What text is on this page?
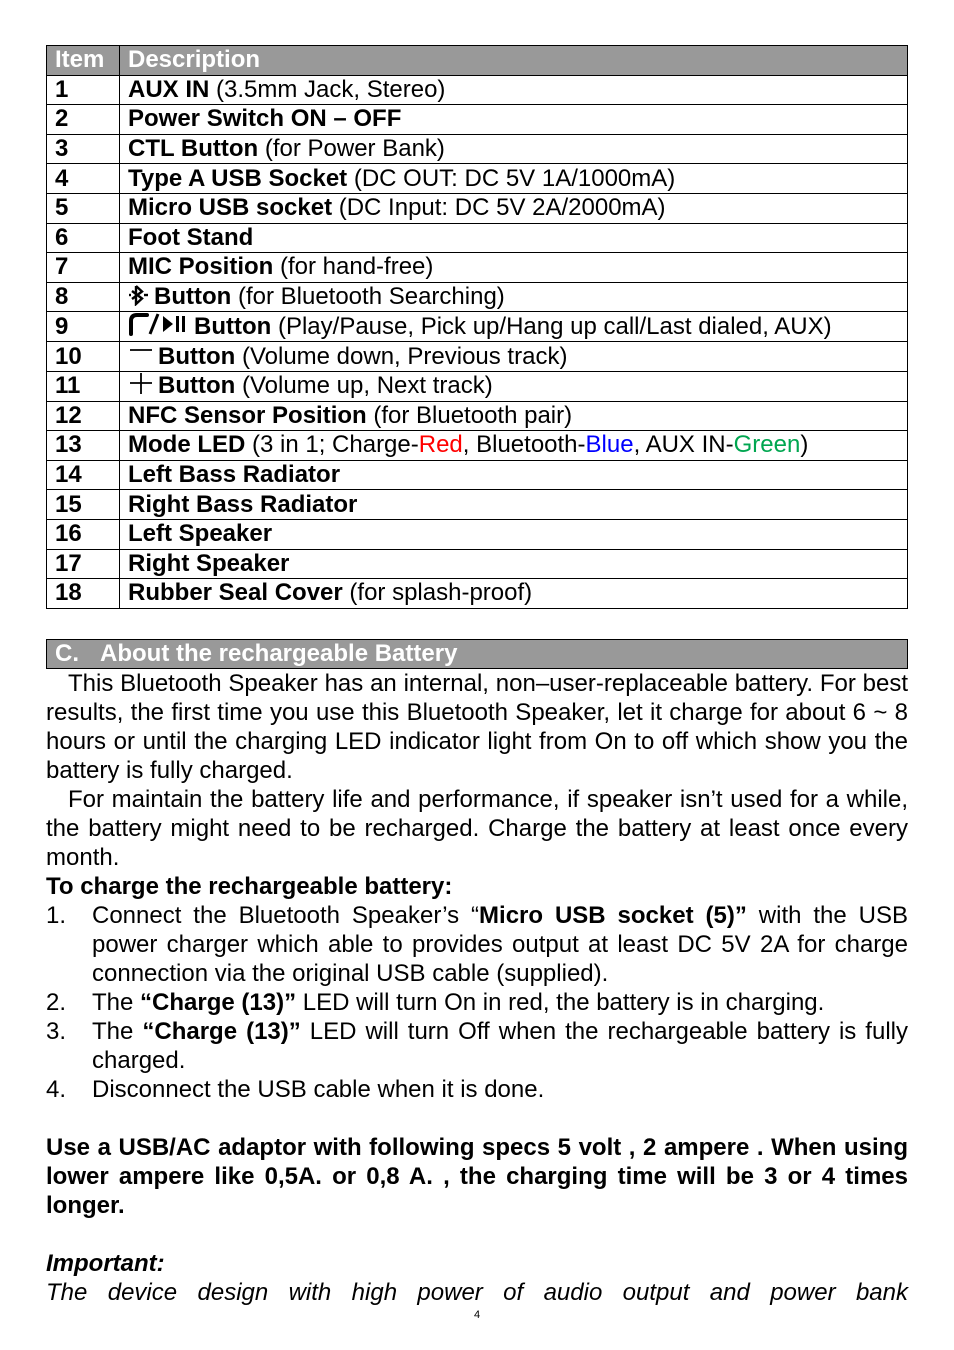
Item	Description
1	AUX IN (3.5mm Jack, Stereo)
2	Power Switch ON – OFF
3	CTL Button (for Power Bank)
4	Type A USB Socket (DC OUT: DC 5V 1A/1000mA)
5	Micro USB socket (DC Input: DC 5V 2A/2000mA)
6	Foot Stand
7	MIC Position (for hand-free)
8	Button (for Bluetooth Searching)
9	Button (Play/Pause, Pick up/Hang up call/Last dialed, AUX)
10	Button (Volume down, Previous track)
11	Button (Volume up, Next track)
12	NFC Sensor Position (for Bluetooth pair)
13	Mode LED (3 in 1; Charge-Red, Bluetooth-Blue, AUX IN-Green)
14	Left Bass Radiator
15	Right Bass Radiator
16	Left Speaker
17	Right Speaker
18	Rubber Seal Cover (for splash-proof)
C. About the rechargeable Battery

This Bluetooth Speaker has an internal, non–user-replaceable battery. For best results, the first time you use this Bluetooth Speaker, let it charge for about 6 ~ 8 hours or until the charging LED indicator light from On to off which show you the battery is fully charged.

For maintain the battery life and performance, if speaker isn’t used for a while, the battery might need to be recharged. Charge the battery at least once every month.

To charge the rechargeable battery:

1. Connect the Bluetooth Speaker’s “Micro USB socket (5)” with the USB power charger which able to provides output at least DC 5V 2A for charge connection via the original USB cable (supplied).
2. The “Charge (13)” LED will turn On in red, the battery is in charging.
3. The “Charge (13)” LED will turn Off when the rechargeable battery is fully charged.
4. Disconnect the USB cable when it is done.

Use a USB/AC adaptor with following specs 5 volt , 2 ampere . When using lower ampere like 0,5A. or 0,8 A. , the charging time will be 3 or 4 times longer.

Important:

The device design with high power of audio output and power bank

4
